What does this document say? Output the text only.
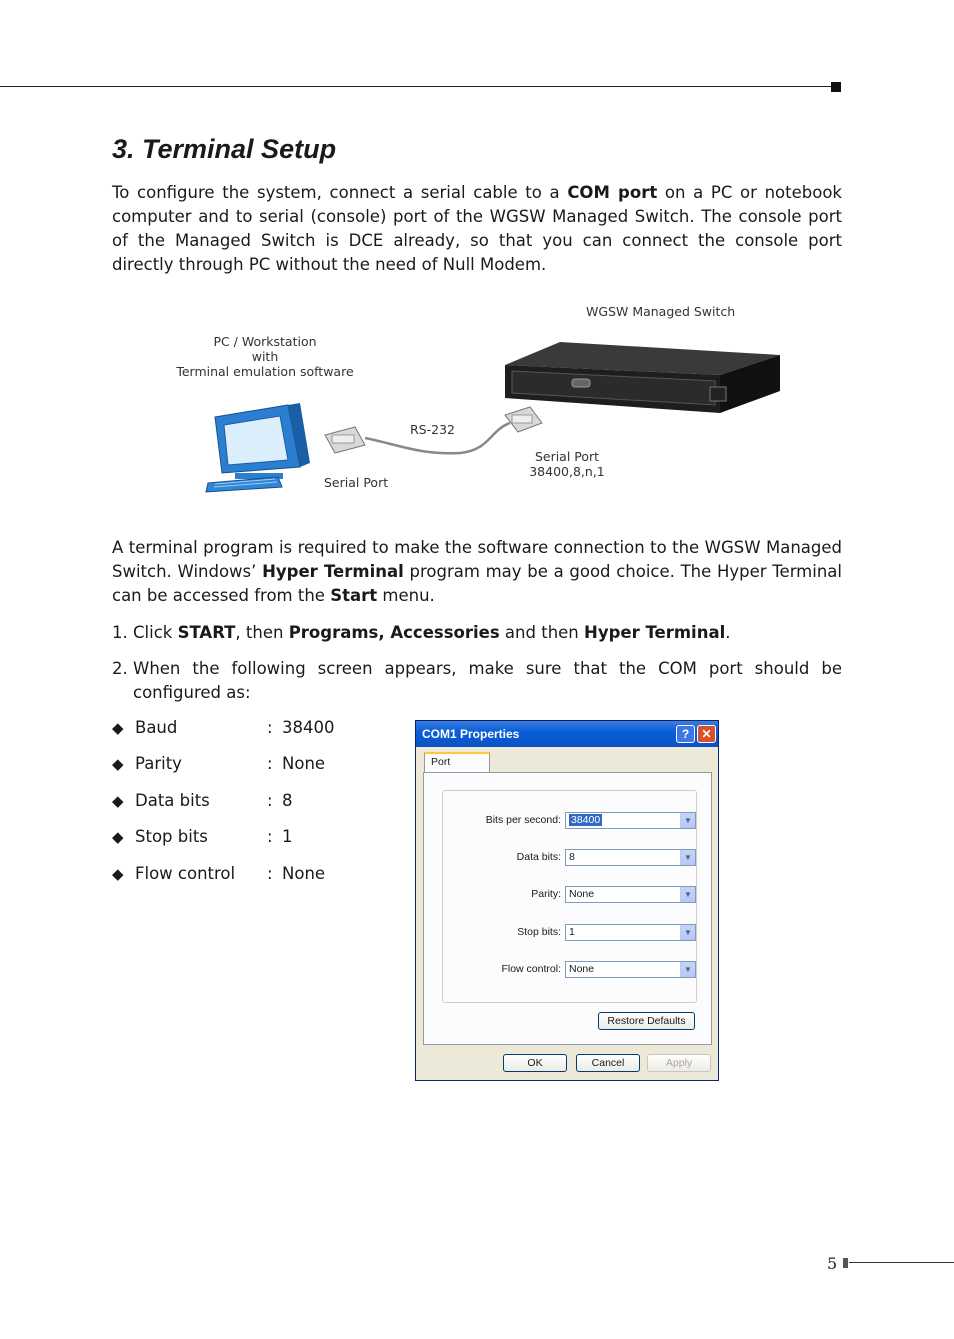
3. Terminal Setup

To configure the system, connect a serial cable to a COM port on a PC or notebook computer and to serial (console) port of the WGSW Managed Switch. The console port of the Managed Switch is DCE already, so that you can connect the console port directly through PC without the need of Null Modem.

WGSW Managed Switch
PC / Workstation
with
Terminal emulation software
RS-232
Serial Port
Serial Port
38400,8,n,1

A terminal program is required to make the software connection to the WGSW Managed Switch. Windows’ Hyper Terminal program may be a good choice. The Hyper Terminal can be accessed from the Start menu.

1. Click START, then Programs, Accessories and then Hyper Terminal.
2. When the following screen appears, make sure that the COM port should be configured as:
◆ Baud	: 38400
◆ Parity	: None
◆ Data bits	: 8
◆ Stop bits	: 1
◆ Flow control : None
COM1 Properties	?	✕
Port
Bits per second: 38400	▼
Data bits: 8	▼
Parity: None	▼
Stop bits: 1	▼
Flow control: None	▼
Restore Defaults
OK	Cancel	Apply
5
